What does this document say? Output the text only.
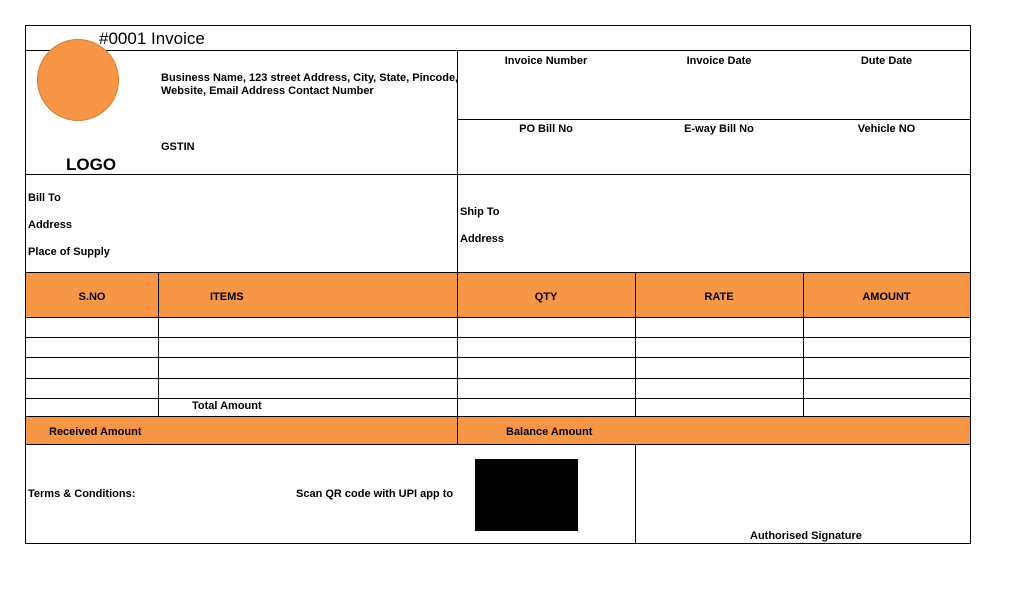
#0001 Invoice
LOGO
Business Name, 123 street Address, City, State, Pincode,
Website, Email Address Contact Number
GSTIN
Invoice Number	Invoice Date	Dute Date
PO Bill No	E-way Bill No	Vehicle NO
Bill To
Address
Place of Supply
Ship To
Address
S.NO	ITEMS	QTY	RATE	AMOUNT
Total Amount
Received Amount	Balance Amount
Terms & Conditions:	Scan QR code with UPI app to
Authorised Signature
